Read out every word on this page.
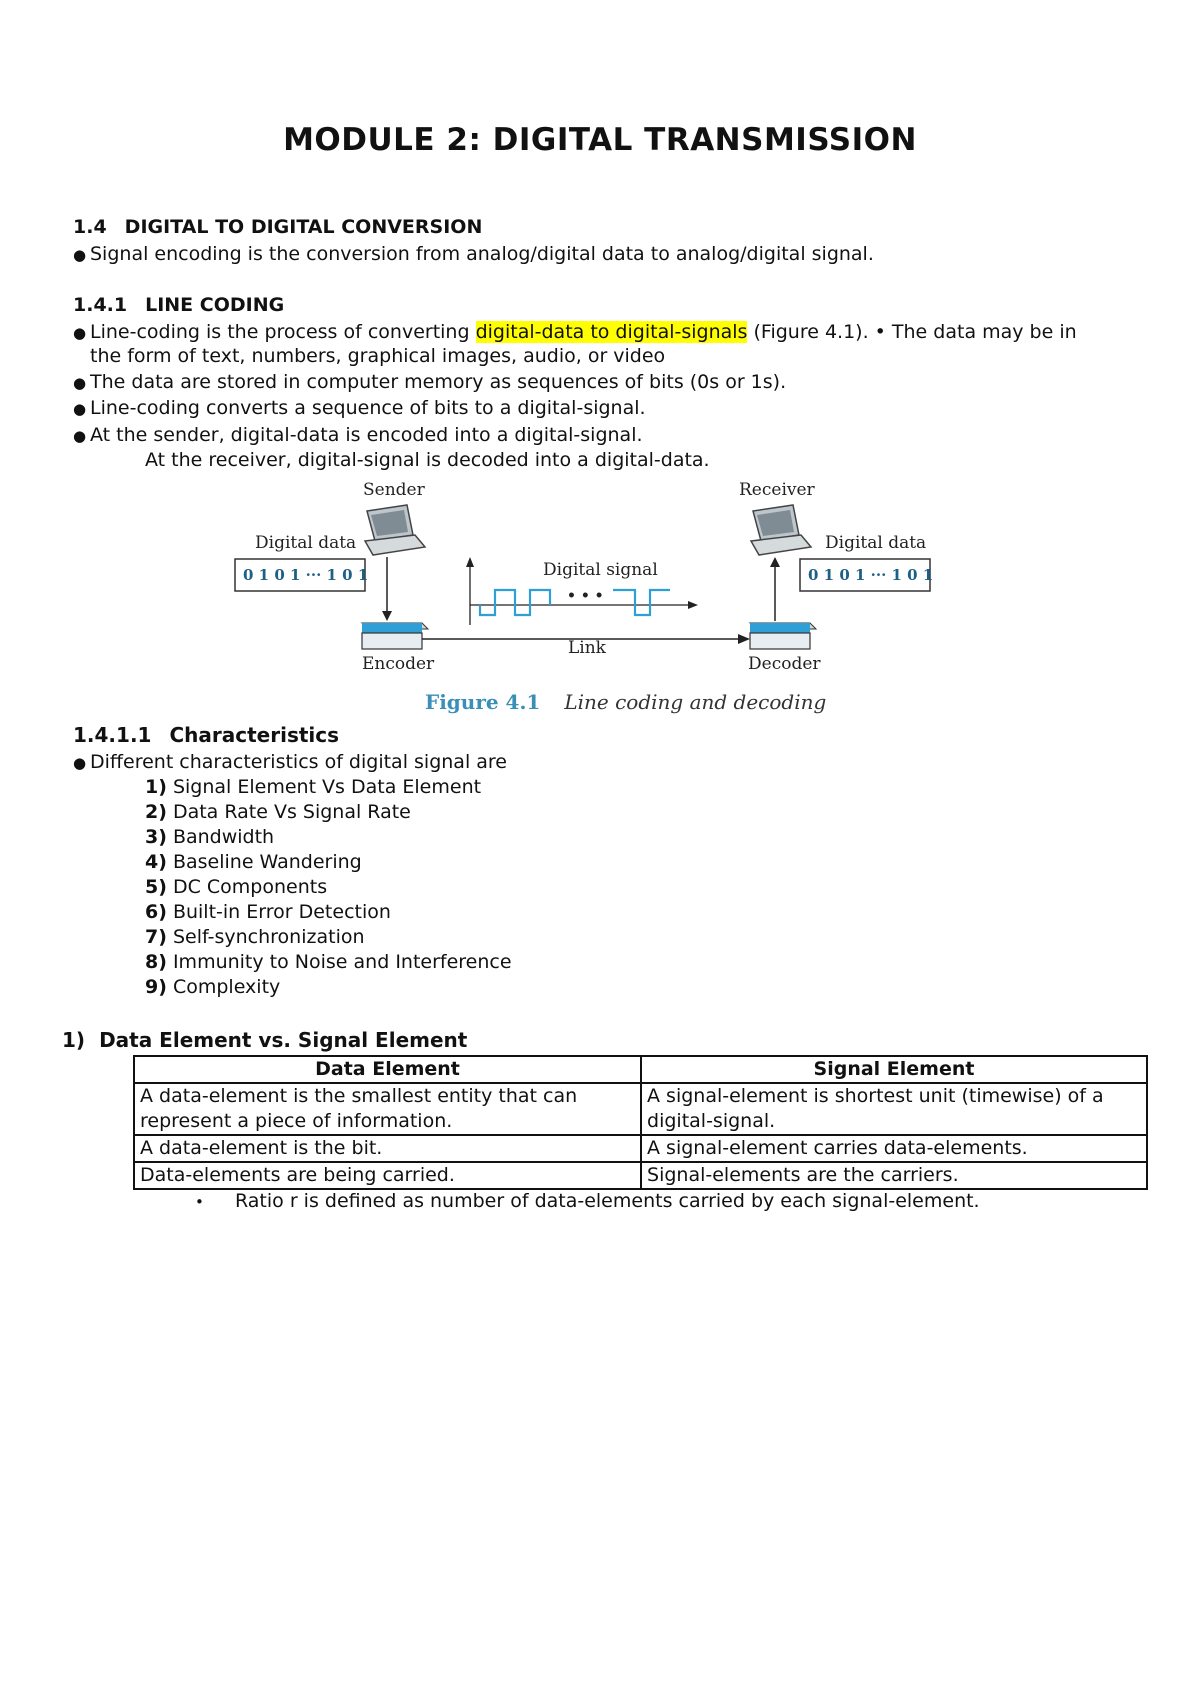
MODULE 2: DIGITAL TRANSMISSION
1.4 DIGITAL TO DIGITAL CONVERSION
● Signal encoding is the conversion from analog/digital data to analog/digital signal.
1.4.1 LINE CODING
● Line-coding is the process of converting digital-data to digital-signals (Figure 4.1). • The data may be in
the form of text, numbers, graphical images, audio, or video
● The data are stored in computer memory as sequences of bits (0s or 1s).
● Line-coding converts a sequence of bits to a digital-signal.
● At the sender, digital-data is encoded into a digital-signal.
At the receiver, digital-signal is decoded into a digital-data.
Sender
Digital data
0 1 0 1 ··· 1 0 1
Encoder
Link
Digital signal
• • •
Decoder
Receiver
Digital data
0 1 0 1 ··· 1 0 1
Figure 4.1 Line coding and decoding
1.4.1.1 Characteristics
● Different characteristics of digital signal are
1) Signal Element Vs Data Element
2) Data Rate Vs Signal Rate
3) Bandwidth
4) Baseline Wandering
5) DC Components
6) Built-in Error Detection
7) Self-synchronization
8) Immunity to Noise and Interference
9) Complexity
1) Data Element vs. Signal Element
Data Element	Signal Element
A data-element is the smallest entity that can represent a piece of information.	A signal-element is shortest unit (timewise) of a digital-signal.
A data-element is the bit.	A signal-element carries data-elements.
Data-elements are being carried.	Signal-elements are the carriers.
• Ratio r is defined as number of data-elements carried by each signal-element.
